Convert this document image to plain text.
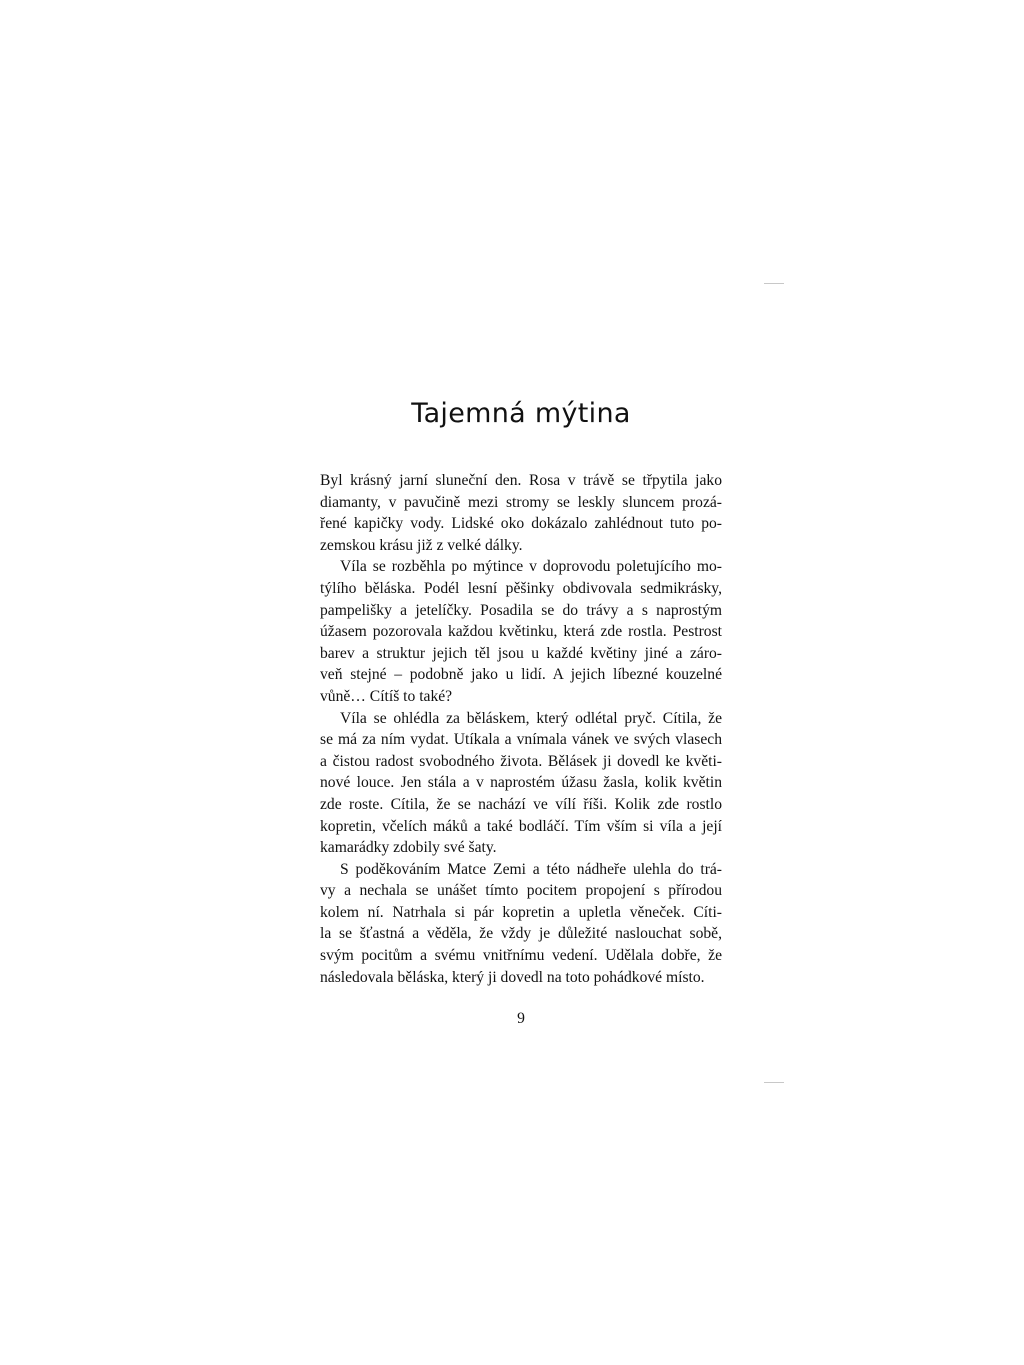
Tajemná mýtina

Byl krásný jarní sluneční den. Rosa v trávě se třpytila jako
diamanty, v pavučině mezi stromy se leskly sluncem prozá-
řené kapičky vody. Lidské oko dokázalo zahlédnout tuto po-
zemskou krásu již z velké dálky.

Víla se rozběhla po mýtince v doprovodu poletujícího mo-
týlího běláska. Podél lesní pěšinky obdivovala sedmikrásky,
pampelišky a jetelíčky. Posadila se do trávy a s naprostým
úžasem pozorovala každou květinku, která zde rostla. Pestrost
barev a struktur jejich těl jsou u každé květiny jiné a záro-
veň stejné – podobně jako u lidí. A jejich líbezné kouzelné
vůně… Cítíš to také?

Víla se ohlédla za běláskem, který odlétal pryč. Cítila, že
se má za ním vydat. Utíkala a vnímala vánek ve svých vlasech
a čistou radost svobodného života. Bělásek ji dovedl ke květi-
nové louce. Jen stála a v naprostém úžasu žasla, kolik květin
zde roste. Cítila, že se nachází ve vílí říši. Kolik zde rostlo
kopretin, včelích máků a také bodláčí. Tím vším si víla a její
kamarádky zdobily své šaty.

S poděkováním Matce Zemi a této nádheře ulehla do trá-
vy a nechala se unášet tímto pocitem propojení s přírodou
kolem ní. Natrhala si pár kopretin a upletla věneček. Cíti-
la se šťastná a věděla, že vždy je důležité naslouchat sobě,
svým pocitům a svému vnitřnímu vedení. Udělala dobře, že
následovala běláska, který ji dovedl na toto pohádkové místo.

9
